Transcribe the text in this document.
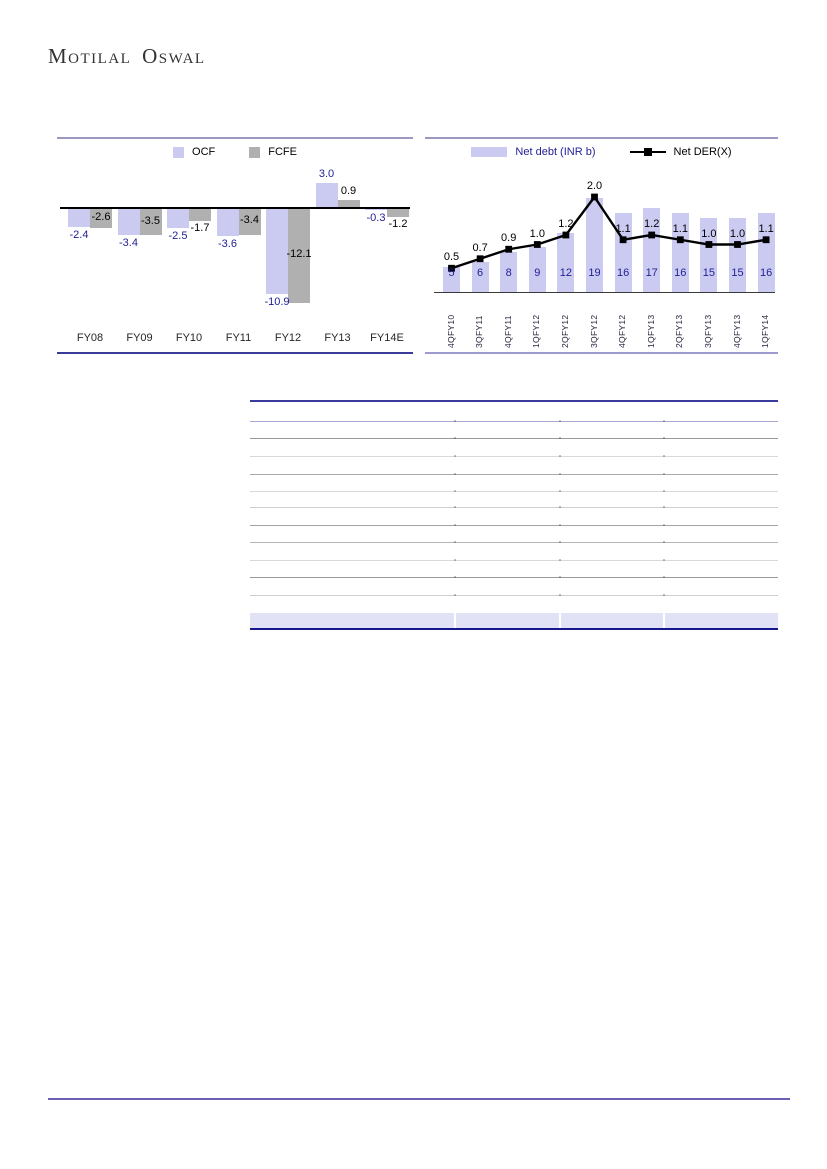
Motilal Oswal
OCF	FCFE
FY08	FY09	FY10	FY11	FY12	FY13	FY14E
-2.4
-2.6
-3.4
-3.5
-2.5
-1.7
-3.6
-3.4
-10.9
-12.1
3.0
0.9
-0.3
-1.2
Net debt (INR b)	Net DER(X)
5
4QFY10
0.5
6
3QFY11
0.7
8
4QFY11
0.9
9
1QFY12
1.0
12
2QFY12
1.2
19
3QFY12
2.0
16
4QFY12
1.1
17
1QFY13
1.2
16
2QFY13
1.1
15
3QFY13
1.0
15
4QFY13
1.0
16
1QFY14
1.1
